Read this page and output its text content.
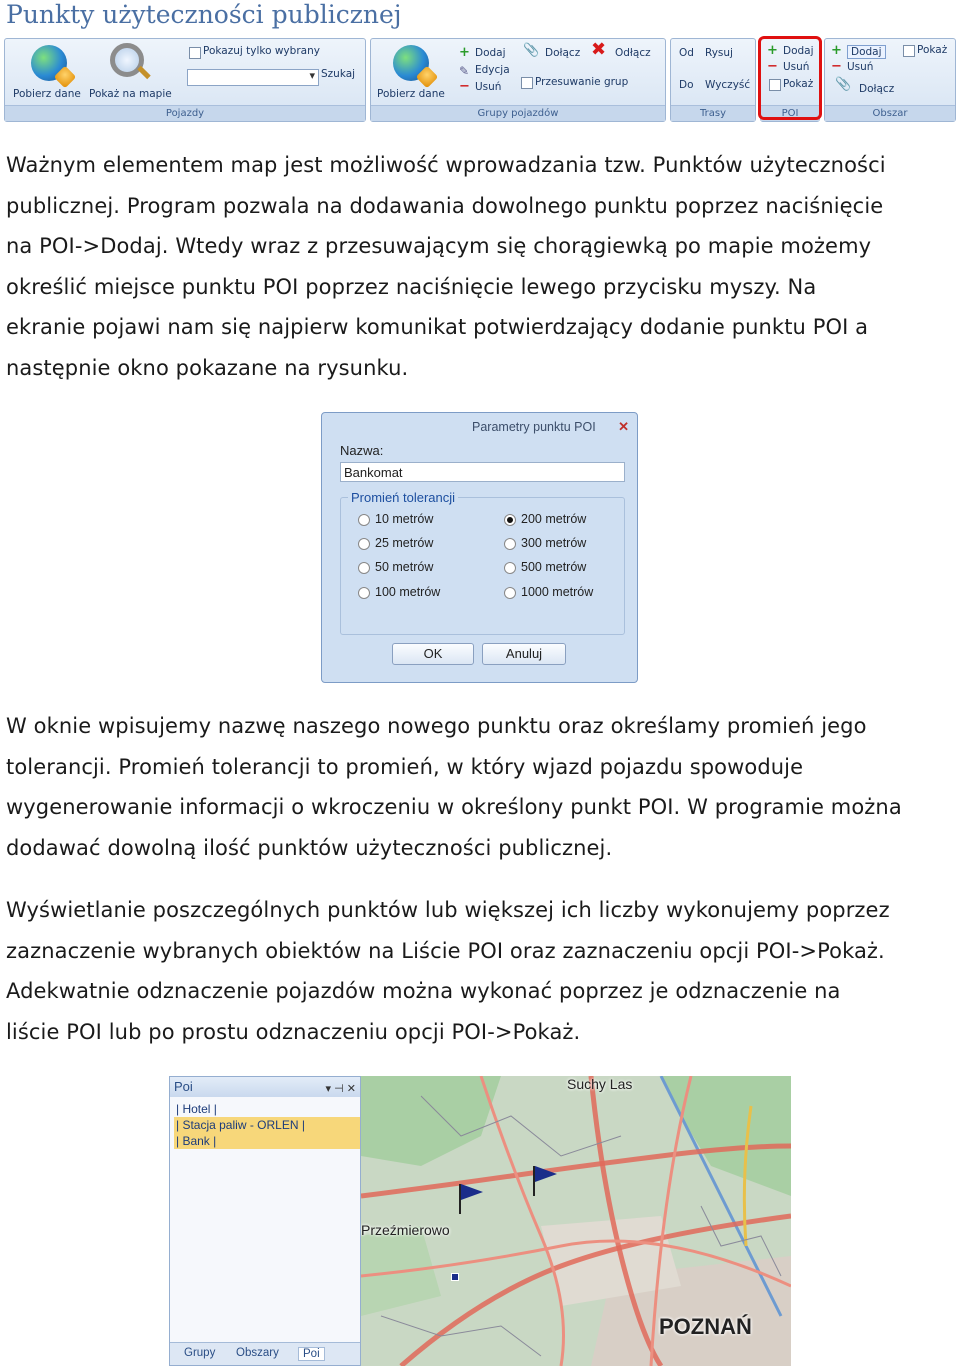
Punkty użyteczności publicznej
Pobierz dane Pokaż na mapie
Pokazuj tylko wybrany
▾
Szukaj
Pojazdy
Pobierz dane
+ Dodaj
✎ Edycja
− Usuń
📎 Dołącz ✖ Odłącz
Przesuwanie grup
Grupy pojazdów
Od Rysuj
Do Wyczyść
Trasy
+ Dodaj
− Usuń
Pokaż
POI
+ Dodaj	Pokaż
− Usuń
📎 Dołącz
Obszar
Ważnym elementem map jest możliwość wprowadzania tzw. Punktów użyteczności
publicznej. Program pozwala na dodawania dowolnego punktu poprzez naciśnięcie
na POI->Dodaj. Wtedy wraz z przesuwającym się chorągiewką po mapie możemy
określić miejsce punktu POI poprzez naciśnięcie lewego przycisku myszy. Na
ekranie pojawi nam się najpierw komunikat potwierdzający dodanie punktu POI a
następnie okno pokazane na rysunku.
Parametry punktu POI ✕
Nazwa:
Bankomat
Promień tolerancji
10 metrów
25 metrów
50 metrów
100 metrów
200 metrów
300 metrów
500 metrów
1000 metrów
OK	Anuluj
W oknie wpisujemy nazwę naszego nowego punktu oraz określamy promień jego
tolerancji. Promień tolerancji to promień, w który wjazd pojazdu spowoduje
wygenerowanie informacji o wkroczeniu w określony punkt POI. W programie można
dodawać dowolną ilość punktów użyteczności publicznej.
Wyświetlanie poszczególnych punktów lub większej ich liczby wykonujemy poprzez
zaznaczenie wybranych obiektów na Liście POI oraz zaznaczeniu opcji POI->Pokaż.
Adekwatnie odznaczenie pojazdów można wykonać poprzez je odznaczenie na
liście POI lub po prostu odznaczeniu opcji POI->Pokaż.
Poi	▾ ⊣ ✕
| Hotel |
| Stacja paliw - ORLEN |
| Bank |
Grupy Obszary	Poi
Suchy Las
Przeźmierowo
POZNAŃ
